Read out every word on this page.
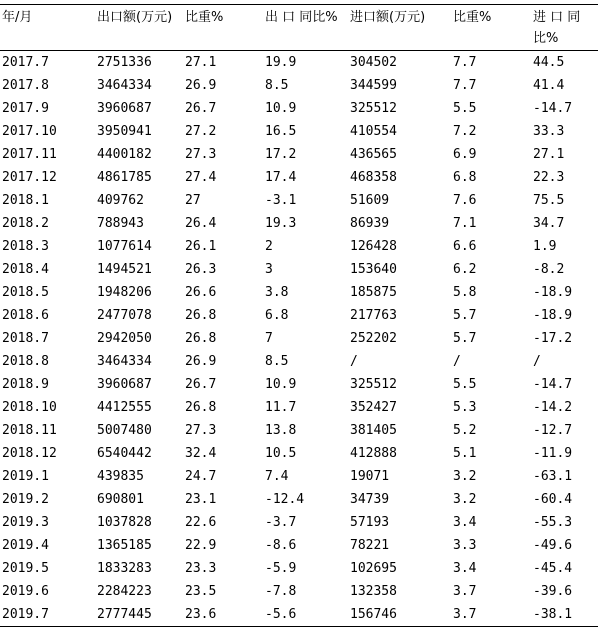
年/月	出口额(万元)	比重%	出 口 同比%	进口额(万元)	比重%	进 口 同比%
2017.7	2751336	27.1	19.9	304502	7.7	44.5
2017.8	3464334	26.9	8.5	344599	7.7	41.4
2017.9	3960687	26.7	10.9	325512	5.5	-14.7
2017.10	3950941	27.2	16.5	410554	7.2	33.3
2017.11	4400182	27.3	17.2	436565	6.9	27.1
2017.12	4861785	27.4	17.4	468358	6.8	22.3
2018.1	409762	27	-3.1	51609	7.6	75.5
2018.2	788943	26.4	19.3	86939	7.1	34.7
2018.3	1077614	26.1	2	126428	6.6	1.9
2018.4	1494521	26.3	3	153640	6.2	-8.2
2018.5	1948206	26.6	3.8	185875	5.8	-18.9
2018.6	2477078	26.8	6.8	217763	5.7	-18.9
2018.7	2942050	26.8	7	252202	5.7	-17.2
2018.8	3464334	26.9	8.5	/	/	/
2018.9	3960687	26.7	10.9	325512	5.5	-14.7
2018.10	4412555	26.8	11.7	352427	5.3	-14.2
2018.11	5007480	27.3	13.8	381405	5.2	-12.7
2018.12	6540442	32.4	10.5	412888	5.1	-11.9
2019.1	439835	24.7	7.4	19071	3.2	-63.1
2019.2	690801	23.1	-12.4	34739	3.2	-60.4
2019.3	1037828	22.6	-3.7	57193	3.4	-55.3
2019.4	1365185	22.9	-8.6	78221	3.3	-49.6
2019.5	1833283	23.3	-5.9	102695	3.4	-45.4
2019.6	2284223	23.5	-7.8	132358	3.7	-39.6
2019.7	2777445	23.6	-5.6	156746	3.7	-38.1
